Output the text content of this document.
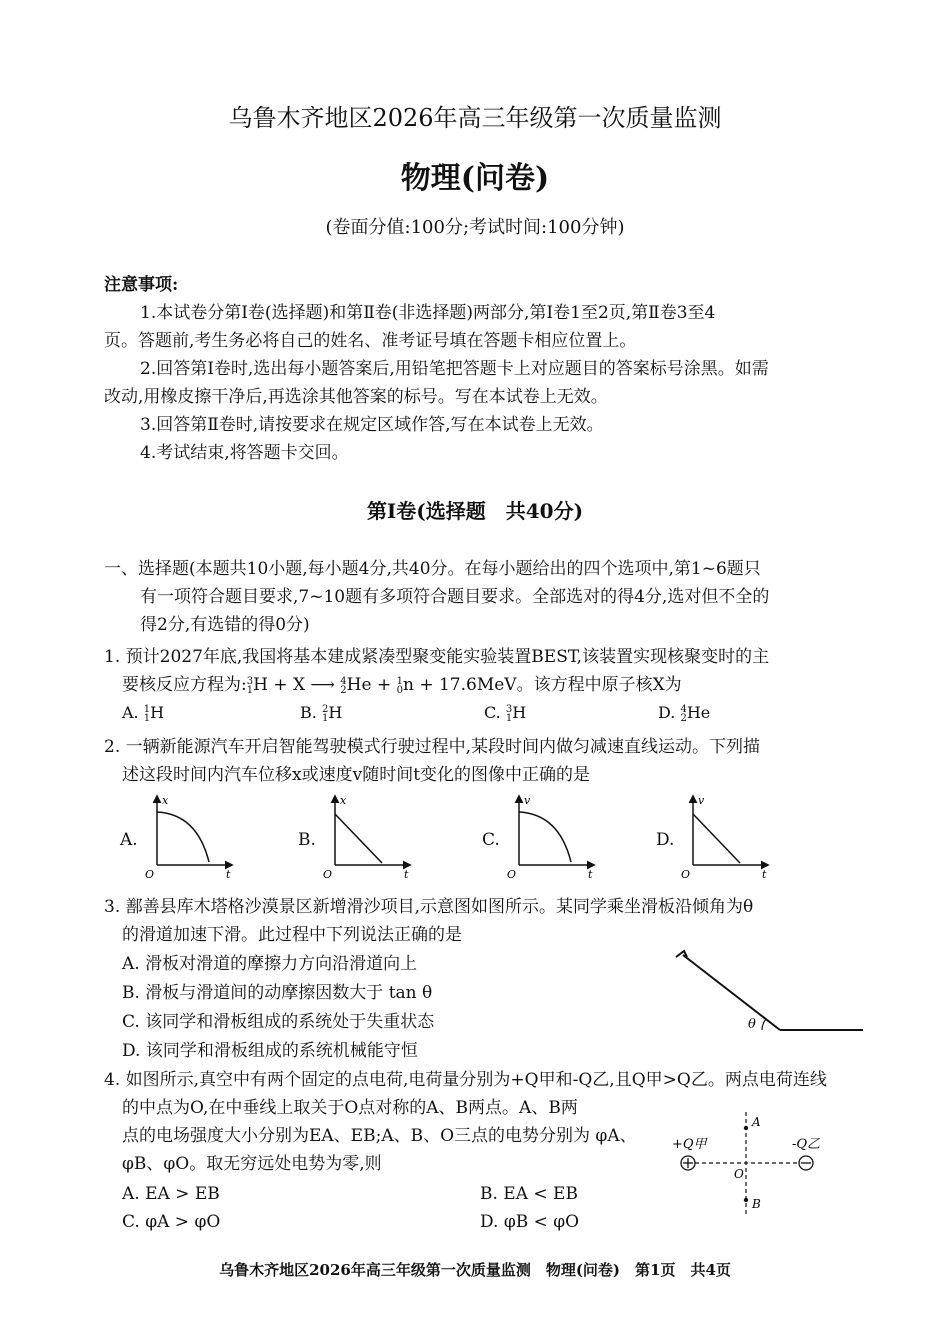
乌鲁木齐地区2026年高三年级第一次质量监测
物理(问卷)
(卷面分值:100分;考试时间:100分钟)
注意事项:
1.本试卷分第Ⅰ卷(选择题)和第Ⅱ卷(非选择题)两部分,第Ⅰ卷1至2页,第Ⅱ卷3至4
页。答题前,考生务必将自己的姓名、准考证号填在答题卡相应位置上。
2.回答第Ⅰ卷时,选出每小题答案后,用铅笔把答题卡上对应题目的答案标号涂黑。如需
改动,用橡皮擦干净后,再选涂其他答案的标号。写在本试卷上无效。
3.回答第Ⅱ卷时,请按要求在规定区域作答,写在本试卷上无效。
4.考试结束,将答题卡交回。
第Ⅰ卷(选择题　共40分)
一、选择题(本题共10小题,每小题4分,共40分。在每小题给出的四个选项中,第1~6题只
有一项符合题目要求,7~10题有多项符合题目要求。全部选对的得4分,选对但不全的
得2分,有选错的得0分)
1. 预计2027年底,我国将基本建成紧凑型聚变能实验装置BEST,该装置实现核聚变时的主
要核反应方程为: 3
1 H + X ⟶ 4
2 He + 1
0 n + 17.6MeV。该方程中原子核X为
A. 1
1 H	B. 2
1 H	C. 3
1 H	D. 4
2 He
2. 一辆新能源汽车开启智能驾驶模式行驶过程中,某段时间内做匀减速直线运动。下列描
述这段时间内汽车位移x或速度v随时间t变化的图像中正确的是
A.
x
t
O
B.
x
t
O
C.
v
t
O
D.
v
t
O
3. 鄯善县库木塔格沙漠景区新增滑沙项目,示意图如图所示。某同学乘坐滑板沿倾角为θ
的滑道加速下滑。此过程中下列说法正确的是
A. 滑板对滑道的摩擦力方向沿滑道向上
B. 滑板与滑道间的动摩擦因数大于 tan θ
C. 该同学和滑板组成的系统处于失重状态
D. 该同学和滑板组成的系统机械能守恒
θ
4. 如图所示,真空中有两个固定的点电荷,电荷量分别为+Q甲和-Q乙,且Q甲>Q乙。两点电荷连线
的中点为O,在中垂线上取关于O点对称的A、B两点。A、B两
点的电场强度大小分别为EA、EB;A、B、O三点的电势分别为 φA、
φB、φO。取无穷远处电势为零,则
A. EA > EB	B. EA < EB
C. φA > φO	D. φB < φO
+Q甲	-Q乙
A
B
O
乌鲁木齐地区2026年高三年级第一次质量监测　物理(问卷)　第1页　共4页
